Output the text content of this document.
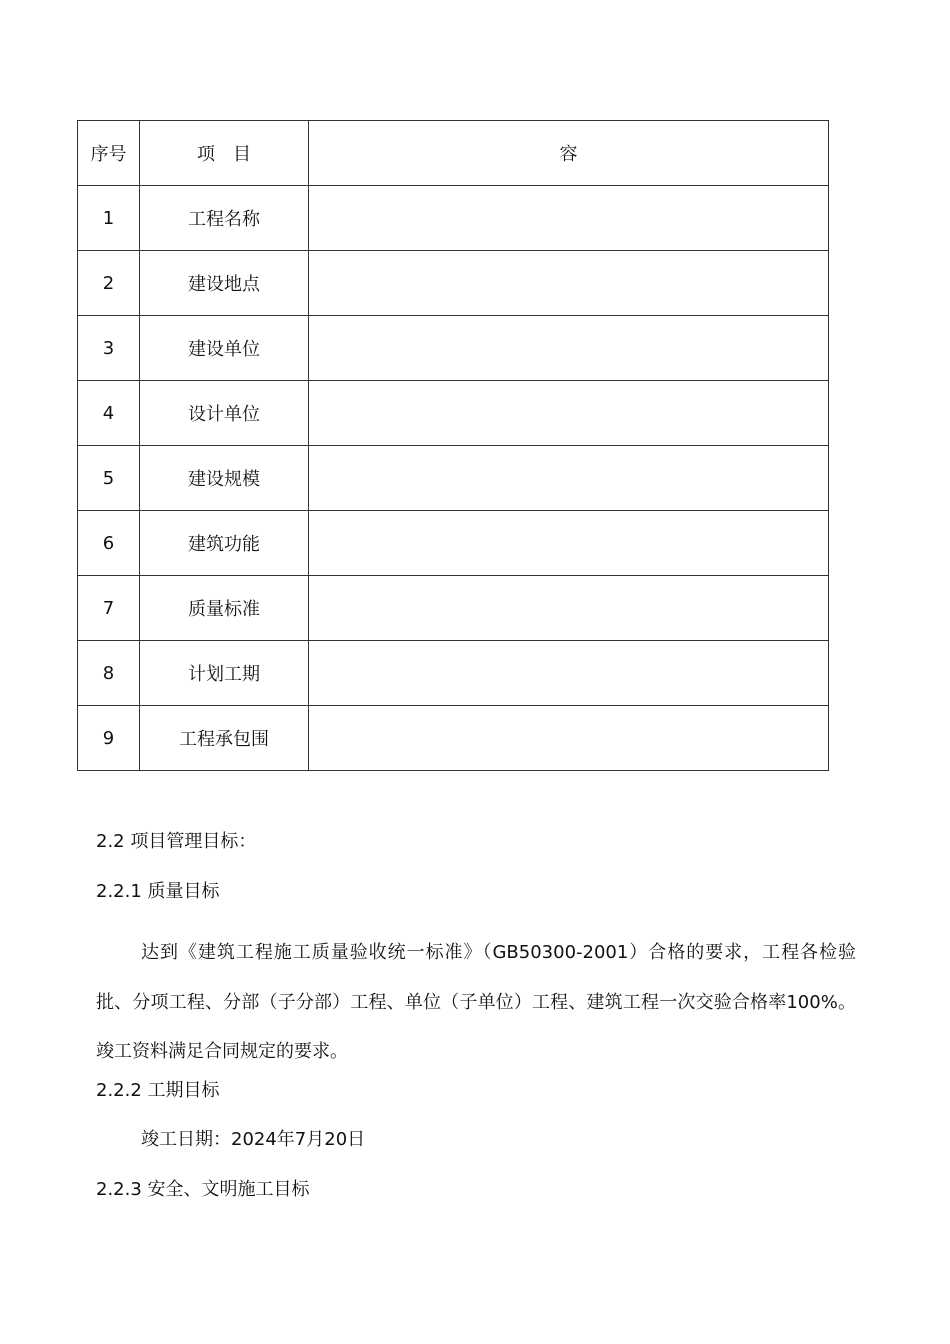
序号	项　目	容
1	工程名称	
2	建设地点	
3	建设单位	
4	设计单位	
5	建设规模	
6	建筑功能	
7	质量标准	
8	计划工期	
9	工程承包围	
2.2 项目管理目标：
2.2.1 质量目标
达到《建筑工程施工质量验收统一标准》（GB50300-2001）合格的要求，工程各检验批、分项工程、分部（子分部）工程、单位（子单位）工程、建筑工程一次交验合格率100%。竣工资料满足合同规定的要求。
2.2.2 工期目标
竣工日期：2024年7月20日
2.2.3 安全、文明施工目标
